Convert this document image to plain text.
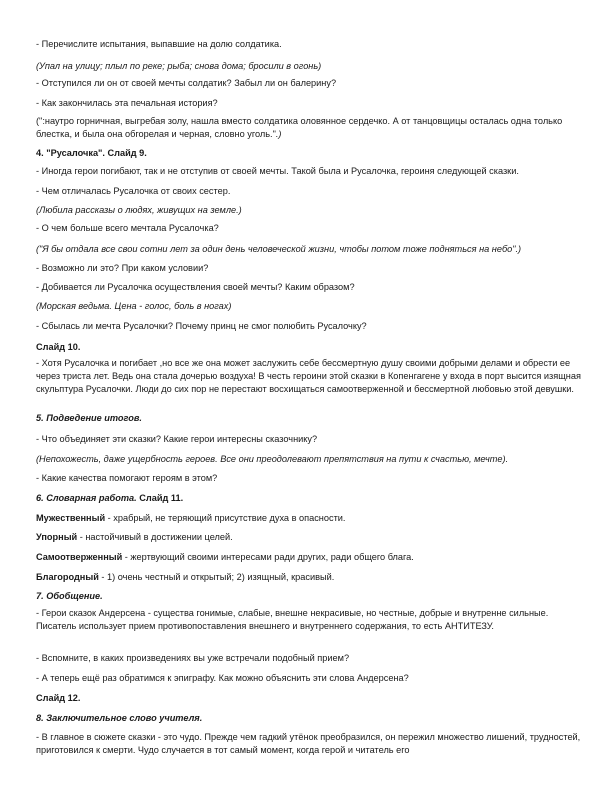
- Перечислите испытания, выпавшие на долю солдатика.

(Упал на улицу; плыл по реке; рыба; снова дома; бросили в огонь)

- Отступился ли он от своей мечты солдатик? Забыл ли он балерину?

- Как закончилась эта печальная история?

(":наутро горничная, выгребая золу, нашла вместо солдатика оловянное сердечко. А от танцовщицы осталась одна только блестка, и была она обгорелая и черная, словно уголь.".)

4. "Русалочка". Слайд 9.

- Иногда герои погибают, так и не отступив от своей мечты. Такой была и Русалочка, героиня следующей сказки.

- Чем отличалась Русалочка от своих сестер.

(Любила рассказы о людях, живущих на земле.)

- О чем больше всего мечтала Русалочка?

("Я бы отдала все свои сотни лет за один день человеческой жизни, чтобы потом тоже подняться на небо".)

- Возможно ли это? При каком условии?

- Добивается ли Русалочка осуществления своей мечты? Каким образом?

(Морская ведьма. Цена - голос, боль в ногах)

- Сбылась ли мечта Русалочки? Почему принц не смог полюбить Русалочку?

Слайд 10.

- Хотя Русалочка и погибает ,но все же она может заслужить себе бессмертную душу своими добрыми делами и обрести ее через триста лет. Ведь она стала дочерью воздуха! В честь героини этой сказки в Копенгагене у входа в порт высится изящная скульптура Русалочки. Люди до сих пор не перестают восхищаться самоотверженной и бессмертной любовью этой девушки.

5. Подведение итогов.

- Что объединяет эти сказки? Какие герои интересны сказочнику?

(Непохожесть, даже ущербность героев. Все они преодолевают препятствия на пути к счастью, мечте).

- Какие качества помогают героям в этом?

6. Словарная работа. Слайд 11.

Мужественный - храбрый, не теряющий присутствие духа в опасности.

Упорный - настойчивый в достижении целей.

Самоотверженный - жертвующий своими интересами ради других, ради общего блага.

Благородный - 1) очень честный и открытый; 2) изящный, красивый.

7. Обобщение.

- Герои сказок Андерсена - существа гонимые, слабые, внешне некрасивые, но честные, добрые и внутренне сильные. Писатель использует прием противопоставления внешнего и внутреннего содержания, то есть АНТИТЕЗУ.

- Вспомните, в каких произведениях вы уже встречали подобный прием?

- А теперь ещё раз обратимся к эпиграфу. Как можно объяснить эти слова Андерсена?

Слайд 12.

8. Заключительное слово учителя.

- В главное в сюжете сказки - это чудо. Прежде чем гадкий утёнок преобразился, он пережил множество лишений, трудностей, приготовился к смерти. Чудо случается в тот самый момент, когда герой и читатель его
